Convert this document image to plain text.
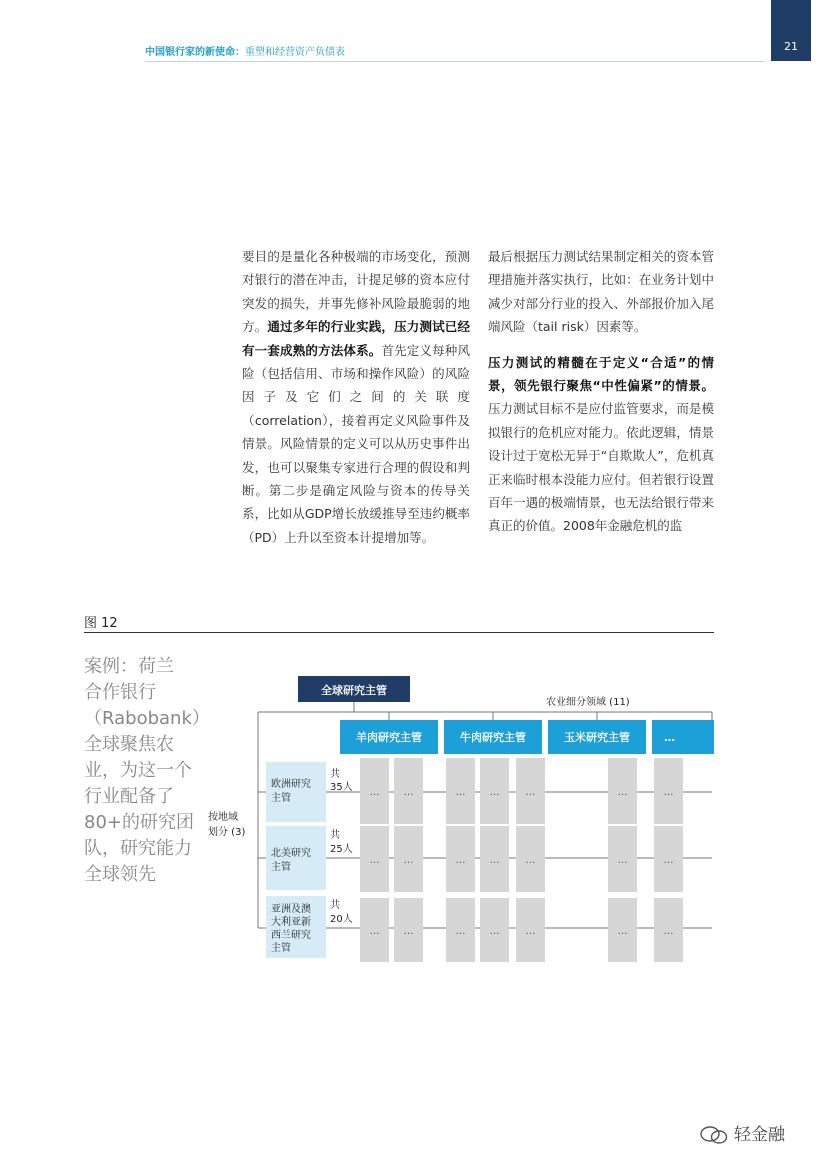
21
中国银行家的新使命：重塑和经营资产负债表

要目的是量化各种极端的市场变化，预测对银行的潜在冲击，计提足够的资本应付突发的损失，并事先修补风险最脆弱的地方。通过多年的行业实践，压力测试已经有一套成熟的方法体系。首先定义每种风险（包括信用、市场和操作风险）的风险因子及它们之间的关联度（correlation），接着再定义风险事件及情景。风险情景的定义可以从历史事件出发，也可以聚集专家进行合理的假设和判断。第二步是确定风险与资本的传导关系，比如从GDP增长放缓推导至违约概率（PD）上升以至资本计提增加等。

最后根据压力测试结果制定相关的资本管理措施并落实执行，比如：在业务计划中减少对部分行业的投入、外部报价加入尾端风险（tail risk）因素等。

压力测试的精髓在于定义“合适”的情景，领先银行聚焦“中性偏紧”的情景。压力测试目标不是应付监管要求，而是模拟银行的危机应对能力。依此逻辑，情景设计过于宽松无异于“自欺欺人”，危机真正来临时根本没能力应付。但若银行设置百年一遇的极端情景，也无法给银行带来真正的价值。2008年金融危机的监

图 12
案例：荷兰
合作银行
（Rabobank）
全球聚焦农
业，为这一个
行业配备了
80+的研究团
队，研究能力
全球领先
… …	… …	…	…	…
… …	… …	…	…	…
… …	… …	…	…	…
全球研究主管
农业细分领域 (11)
羊肉研究主管	牛肉研究主管	玉米研究主管	…
按地域
划分 (3)
欧洲研究
主管
共
35人
北美研究
主管
共
25人
亚洲及澳
大利亚新
西兰研究
主管
共
20人
轻金融
